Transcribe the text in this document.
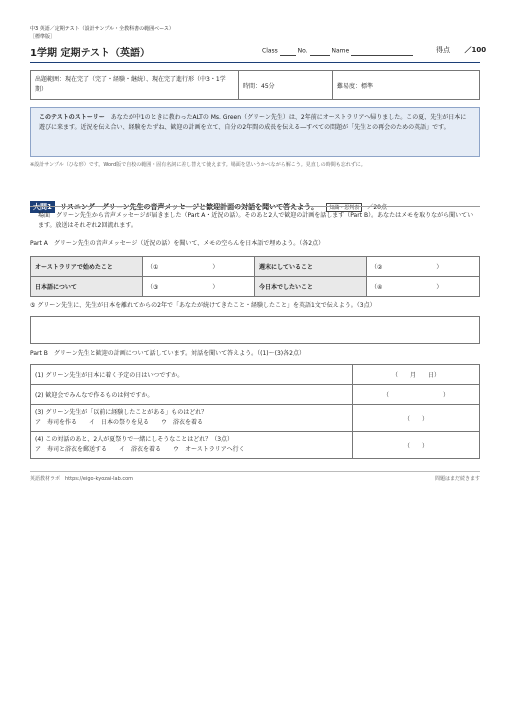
中3 英語／定期テスト（設計サンプル・全教科書の範囲ベース）
［標準版］
1学期 定期テスト（英語）	Class	No.	Name	得点 ／100
出題範囲：現在完了（完了・経験・継続）、現在完了進行形（中3・1学期）	時間：45分	難易度：標準
このテストのストーリー　 あなたが中1のときに教わったALTの Ms. Green（グリーン先生）は、2年前にオーストラリアへ帰りました。この夏、先生が日本に遊びに来ます。近況を伝え合い、経験をたずね、歓迎の計画を立て、自分の2年間の成長を伝える―すべての問題が「先生との再会のための英語」です。
※設計サンプル（ひな形）です。Word版で自校の範囲・固有名詞に差し替えて使えます。場面を思いうかべながら解こう。見直しの時間も忘れずに。
大問1 リスニング　グリーン先生の音声メッセージと歓迎計画の対話を聞いて答えよう。 知識・思判表 ／20点
場面　グリーン先生から音声メッセージが届きました（Part A・近況の話）。そのあと2人で歓迎の計画を話します（Part B）。あなたはメモを取りながら聞いています。放送はそれぞれ2回流れます。
Part A　グリーン先生の音声メッセージ（近況の話）を聞いて、メモの空らんを日本語で埋めよう。（各2点）
オーストラリアで始めたこと	（①　　　　　　　　　）	週末にしていること	（②　　　　　　　　　）
日本語について	（③　　　　　　　　　）	今日本でしたいこと	（④　　　　　　　　　）
⑤ グリーン先生に、先生が日本を離れてからの2年で「あなたが続けてきたこと・経験したこと」を英語1文で伝えよう。（3点）
Part B　グリーン先生と歓迎の計画について話しています。対話を聞いて答えよう。（(1)～(3)各2点）
(1) グリーン先生が日本に着く予定の日はいつですか。	（　　月　　日）
(2) 歓迎会でみんなで作るものは何ですか。	（　　　　　　　　　）

(3) グリーン先生が「以前に経験したことがある」ものはどれ？
ア　寿司を作る　　イ　日本の祭りを見る　　ウ　浴衣を着る	（　　）

(4) この対話のあと、2人が夏祭りで一緒にしそうなことはどれ？（3点）
ア　寿司と浴衣を郵送する　　イ　浴衣を着る　　ウ　オーストラリアへ行く	（　　）
英語教材ラボ　https://eigo-kyozai-lab.com	問題はまだ続きます
